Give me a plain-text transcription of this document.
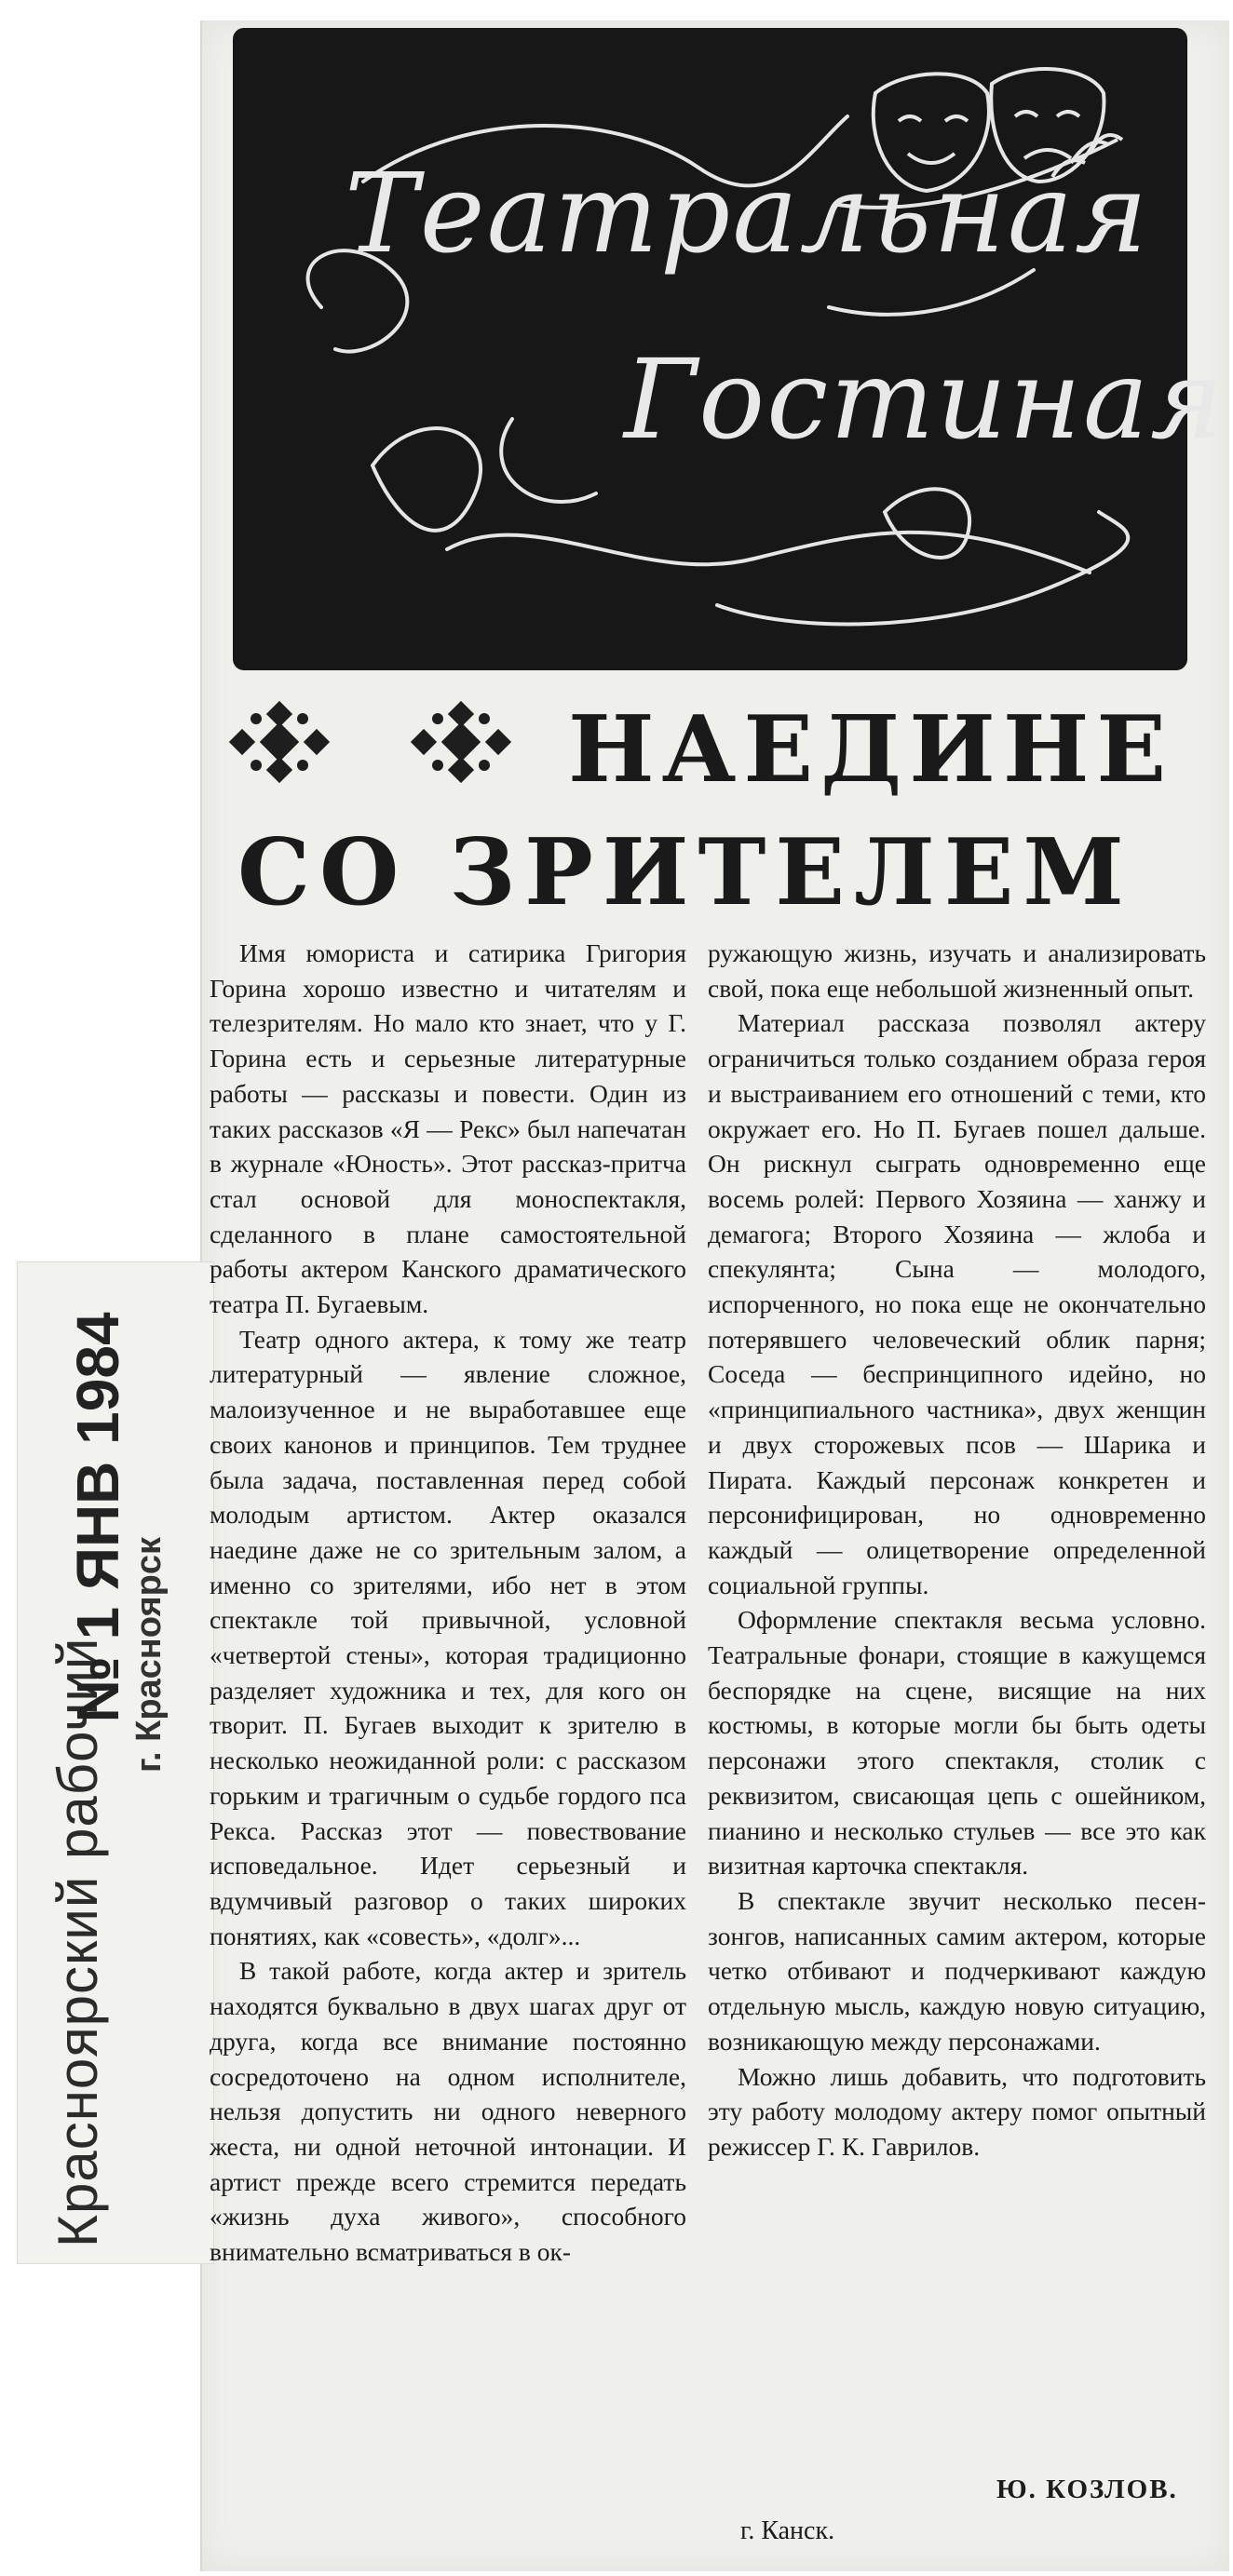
Красноярский рабочий г. Красноярск
№ 1 ЯНВ 1984
Театральная
Гостиная
НАЕДИНЕ
СО ЗРИТЕЛЕМ
Имя юмориста и сатирика Григория Горина хорошо известно и читателям и телезрителям. Но мало кто знает, что у Г. Горина есть и серьезные литературные работы — рассказы и повести. Один из таких рассказов «Я — Рекс» был напечатан в журнале «Юность». Этот рассказ-притча стал основой для моноспектакля, сделанного в плане самостоятельной работы актером Канского драматического театра П. Бугаевым.
Театр одного актера, к тому же театр литературный — явление сложное, малоизученное и не выработавшее еще своих канонов и принципов. Тем труднее была задача, поставленная перед собой молодым артистом. Актер оказался наедине даже не со зрительным залом, а именно со зрителями, ибо нет в этом спектакле той привычной, условной «четвертой стены», которая традиционно разделяет художника и тех, для кого он творит. П. Бугаев выходит к зрителю в несколько неожиданной роли: с рассказом горьким и трагичным о судьбе гордого пса Рекса. Рассказ этот — повествование исповедальное. Идет серьезный и вдумчивый разговор о таких широких понятиях, как «совесть», «долг»...
В такой работе, когда актер и зритель находятся буквально в двух шагах друг от друга, когда все внимание постоянно сосредоточено на одном исполнителе, нельзя допустить ни одного неверного жеста, ни одной неточной интонации. И артист прежде всего стремится передать «жизнь духа живого», способного внимательно всматриваться в ок-
ружающую жизнь, изучать и анализировать свой, пока еще небольшой жизненный опыт.
Материал рассказа позволял актеру ограничиться только созданием образа героя и выстраиванием его отношений с теми, кто окружает его. Но П. Бугаев пошел дальше. Он рискнул сыграть одновременно еще восемь ролей: Первого Хозяина — ханжу и демагога; Второго Хозяина — жлоба и спекулянта; Сына — молодого, испорченного, но пока еще не окончательно потерявшего человеческий облик парня; Соседа — беспринципного идейно, но «принципиального частника», двух женщин и двух сторожевых псов — Шарика и Пирата. Каждый персонаж конкретен и персонифицирован, но одновременно каждый — олицетворение определенной социальной группы.
Оформление спектакля весьма условно. Театральные фонари, стоящие в кажущемся беспорядке на сцене, висящие на них костюмы, в которые могли бы быть одеты персонажи этого спектакля, столик с реквизитом, свисающая цепь с ошейником, пианино и несколько стульев — все это как визитная карточка спектакля.
В спектакле звучит несколько песен-зонгов, написанных самим актером, которые четко отбивают и подчеркивают каждую отдельную мысль, каждую новую ситуацию, возникающую между персонажами.
Можно лишь добавить, что подготовить эту работу молодому актеру помог опытный режиссер Г. К. Гаврилов.
Ю. КОЗЛОВ.
г. Канск.
